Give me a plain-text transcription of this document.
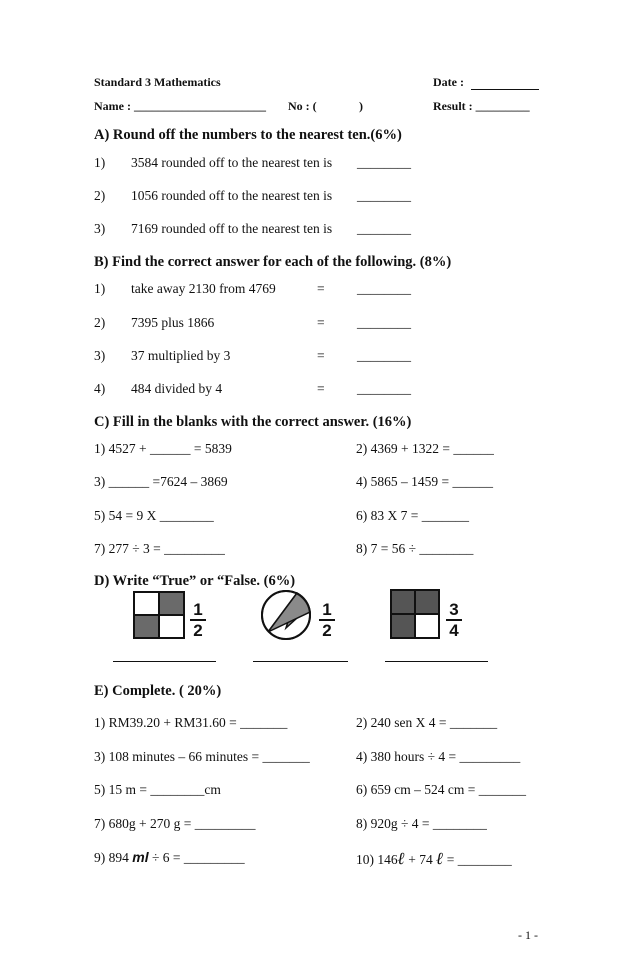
Standard 3 Mathematics	Date :
Name : ______________________ No : (	)	Result : _________
A) Round off the numbers to the nearest ten.(6%)
1) 3584 rounded off to the nearest ten is ________
2) 1056 rounded off to the nearest ten is ________
3) 7169 rounded off to the nearest ten is ________
B) Find the correct answer for each of the following. (8%)
1) take away 2130 from 4769	= ________
2) 7395 plus 1866	= ________
3) 37 multiplied by 3	= ________
4) 484 divided by 4	= ________
C) Fill in the blanks with the correct answer. (16%)
1) 4527 + ______ = 5839	2) 4369 + 1322 = ______
3) ______ =7624 – 3869	4) 5865 – 1459 = ______
5) 54 = 9 X ________	6) 83 X 7 = _______
7) 277 ÷ 3 = _________	8) 7 = 56 ÷ ________
D) Write “True” or “False. (6%)
1
2
1
2
3
4
E) Complete. ( 20%)
1) RM39.20 + RM31.60 = _______	2) 240 sen X 4 = _______
3) 108 minutes – 66 minutes = _______	4) 380 hours ÷ 4 = _________
5) 15 m = ________cm	6) 659 cm – 524 cm = _______
7) 680g + 270 g = _________	8) 920g ÷ 4 = ________
9) 894 ml ÷ 6 = _________	10) 146ℓ + 74 ℓ = ________
- 1 -
